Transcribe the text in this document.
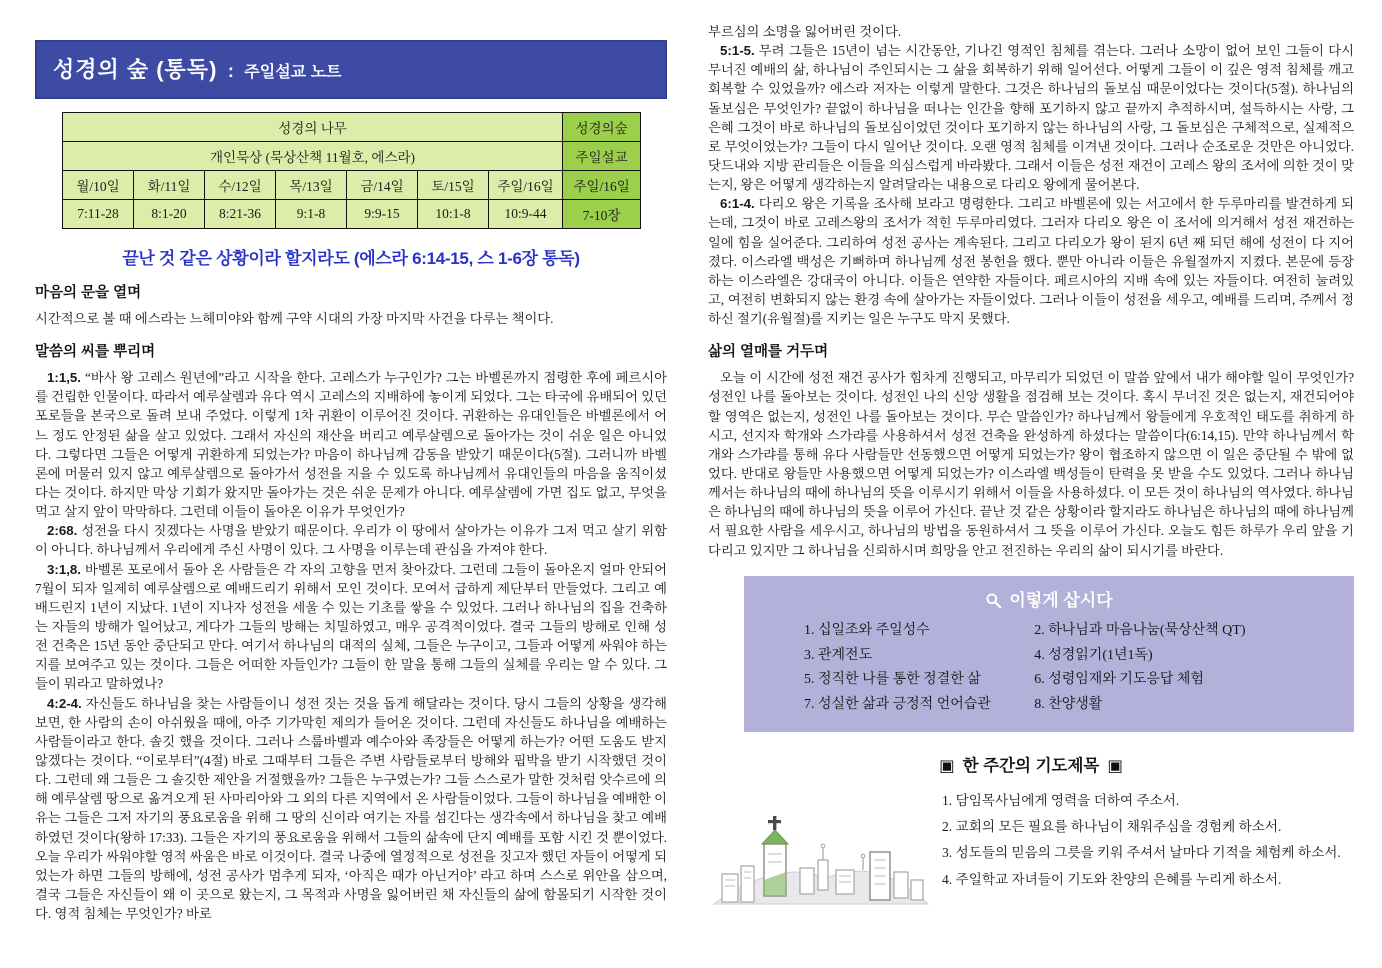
성경의 숲 (통독) : 주일설교 노트
성경의 나무							성경의숲
개인묵상 (묵상산책 11월호, 에스라)							주일설교
월/10일	화/11일	수/12일	목/13일	금/14일	토/15일	주일/16일	주일/16일
7:11-28	8:1-20	8:21-36	9:1-8	9:9-15	10:1-8	10:9-44	7-10장
끝난 것 같은 상황이라 할지라도 (에스라 6:14-15, 스 1-6장 통독)
마음의 문을 열며

시간적으로 볼 때 에스라는 느헤미야와 함께 구약 시대의 가장 마지막 사건을 다루는 책이다.

말씀의 씨를 뿌리며

1:1,5. “바사 왕 고레스 원년에”라고 시작을 한다. 고레스가 누구인가? 그는 바벨론까지 점령한 후에 페르시아를 건립한 인물이다. 따라서 예루살렘과 유다 역시 고레스의 지배하에 놓이게 되었다. 그는 타국에 유배되어 있던 포로들을 본국으로 돌려 보내 주었다. 이렇게 1차 귀환이 이루어진 것이다. 귀환하는 유대인들은 바벨론에서 어느 정도 안정된 삶을 살고 있었다. 그래서 자신의 재산을 버리고 예루살렘으로 돌아가는 것이 쉬운 일은 아니었다. 그렇다면 그들은 어떻게 귀환하게 되었는가? 마음이 하나님께 감동을 받았기 때문이다(5절). 그러니까 바벨론에 머물러 있지 않고 예루살렘으로 돌아가서 성전을 지을 수 있도록 하나님께서 유대인들의 마음을 움직이셨다는 것이다. 하지만 막상 기회가 왔지만 돌아가는 것은 쉬운 문제가 아니다. 예루살렘에 가면 집도 없고, 무엇을 먹고 살지 앞이 막막하다. 그런데 이들이 돌아온 이유가 무엇인가?

2:68. 성전을 다시 짓겠다는 사명을 받았기 때문이다. 우리가 이 땅에서 살아가는 이유가 그저 먹고 살기 위함이 아니다. 하나님께서 우리에게 주신 사명이 있다. 그 사명을 이루는데 관심을 가져야 한다.

3:1,8. 바벨론 포로에서 돌아 온 사람들은 각 자의 고향을 먼저 찾아갔다. 그런데 그들이 돌아온지 얼마 안되어 7월이 되자 일제히 예루살렘으로 예배드리기 위해서 모인 것이다. 모여서 급하게 제단부터 만들었다. 그리고 예배드린지 1년이 지났다. 1년이 지나자 성전을 세울 수 있는 기초를 쌓을 수 있었다. 그러나 하나님의 집을 건축하는 자들의 방해가 일어났고, 게다가 그들의 방해는 치밀하였고, 매우 공격적이었다. 결국 그들의 방해로 인해 성전 건축은 15년 동안 중단되고 만다. 여기서 하나님의 대적의 실체, 그들은 누구이고, 그들과 어떻게 싸워야 하는지를 보여주고 있는 것이다. 그들은 어떠한 자들인가? 그들이 한 말을 통해 그들의 실체를 우리는 알 수 있다. 그들이 뭐라고 말하였나?

4:2-4. 자신들도 하나님을 찾는 사람들이니 성전 짓는 것을 돕게 해달라는 것이다. 당시 그들의 상황을 생각해보면, 한 사람의 손이 아쉬웠을 때에, 아주 기가막힌 제의가 들어온 것이다. 그런데 자신들도 하나님을 예배하는 사람들이라고 한다. 솔깃 했을 것이다. 그러나 스룹바벨과 예수아와 족장들은 어떻게 하는가? 어떤 도움도 받지 않겠다는 것이다. “이로부터”(4절) 바로 그때부터 그들은 주변 사람들로부터 방해와 핍박을 받기 시작했던 것이다. 그런데 왜 그들은 그 솔깃한 제안을 거절했을까? 그들은 누구였는가? 그들 스스로가 말한 것처럼 앗수르에 의해 예루살렘 땅으로 옮겨오게 된 사마리아와 그 외의 다른 지역에서 온 사람들이었다. 그들이 하나님을 예배한 이유는 그들은 그저 자기의 풍요로움을 위해 그 땅의 신이라 여기는 자를 섬긴다는 생각속에서 하나님을 찾고 예배하였던 것이다(왕하 17:33). 그들은 자기의 풍요로움을 위해서 그들의 삶속에 단지 예배를 포함 시킨 것 뿐이었다. 오늘 우리가 싸워야할 영적 싸움은 바로 이것이다. 결국 나중에 열정적으로 성전을 짓고자 했던 자들이 어떻게 되었는가 하면 그들의 방해에, 성전 공사가 멈추게 되자, ‘아직은 때가 아닌거야’ 라고 하며 스스로 위안을 삼으며, 결국 그들은 자신들이 왜 이 곳으로 왔는지, 그 목적과 사명을 잃어버린 채 자신들의 삶에 함몰되기 시작한 것이다. 영적 침체는 무엇인가? 바로

부르심의 소명을 잃어버린 것이다.

5:1-5. 무려 그들은 15년이 넘는 시간동안, 기나긴 영적인 침체를 겪는다. 그러나 소망이 없어 보인 그들이 다시 무너진 예배의 삶, 하나님이 주인되시는 그 삶을 회복하기 위해 일어선다. 어떻게 그들이 이 깊은 영적 침체를 깨고 회복할 수 있었을까? 에스라 저자는 이렇게 말한다. 그것은 하나님의 돌보심 때문이었다는 것이다(5절). 하나님의 돌보심은 무엇인가? 끝없이 하나님을 떠나는 인간을 향해 포기하지 않고 끝까지 추적하시며, 설득하시는 사랑, 그 은혜 그것이 바로 하나님의 돌보심이었던 것이다 포기하지 않는 하나님의 사랑, 그 돌보심은 구체적으로, 실제적으로 무엇이었는가? 그들이 다시 일어난 것이다. 오랜 영적 침체를 이겨낸 것이다. 그러나 순조로운 것만은 아니었다. 닷드내와 지방 관리들은 이들을 의심스럽게 바라봤다. 그래서 이들은 성전 재건이 고레스 왕의 조서에 의한 것이 맞는지, 왕은 어떻게 생각하는지 알려달라는 내용으로 다리오 왕에게 물어본다.

6:1-4. 다리오 왕은 기록을 조사해 보라고 명령한다. 그리고 바벨론에 있는 서고에서 한 두루마리를 발견하게 되는데, 그것이 바로 고레스왕의 조서가 적힌 두루마리였다. 그러자 다리오 왕은 이 조서에 의거해서 성전 재건하는 일에 힘을 실어준다. 그리하여 성전 공사는 계속된다. 그리고 다리오가 왕이 된지 6년 째 되던 해에 성전이 다 지어졌다. 이스라엘 백성은 기뻐하며 하나님께 성전 봉헌을 했다. 뿐만 아니라 이들은 유월절까지 지켰다. 본문에 등장하는 이스라엘은 강대국이 아니다. 이들은 연약한 자들이다. 페르시아의 지배 속에 있는 자들이다. 여전히 눌려있고, 여전히 변화되지 않는 환경 속에 살아가는 자들이었다. 그러나 이들이 성전을 세우고, 예배를 드리며, 주께서 정하신 절기(유월절)를 지키는 일은 누구도 막지 못했다.

삶의 열매를 거두며

오늘 이 시간에 성전 재건 공사가 힘차게 진행되고, 마무리가 되었던 이 말씀 앞에서 내가 해야할 일이 무엇인가? 성전인 나를 돌아보는 것이다. 성전인 나의 신앙 생활을 점검해 보는 것이다. 혹시 무너진 것은 없는지, 재건되어야할 영역은 없는지, 성전인 나를 돌아보는 것이다. 무슨 말씀인가? 하나님께서 왕들에게 우호적인 태도를 취하게 하시고, 선지자 학개와 스가랴를 사용하셔서 성전 건축을 완성하게 하셨다는 말씀이다(6:14,15). 만약 하나님께서 학개와 스가랴를 통해 유다 사람들만 선동했으면 어떻게 되었는가? 왕이 협조하지 않으면 이 일은 중단될 수 밖에 없었다. 반대로 왕들만 사용했으면 어떻게 되었는가? 이스라엘 백성들이 탄력을 못 받을 수도 있었다. 그러나 하나님께서는 하나님의 때에 하나님의 뜻을 이루시기 위해서 이들을 사용하셨다. 이 모든 것이 하나님의 역사였다. 하나님은 하나님의 때에 하나님의 뜻을 이루어 가신다. 끝난 것 같은 상황이라 할지라도 하나님은 하나님의 때에 하나님께서 필요한 사람을 세우시고, 하나님의 방법을 동원하셔서 그 뜻을 이루어 가신다. 오늘도 힘든 하루가 우리 앞을 기다리고 있지만 그 하나님을 신뢰하시며 희망을 안고 전진하는 우리의 삶이 되시기를 바란다.

이렇게 삽시다
1. 십일조와 주일성수	2. 하나님과 마음나눔(묵상산책 QT)
3. 관계전도	4. 성경읽기(1년1독)
5. 정직한 나를 통한 정결한 삶	6. 성령임재와 기도응답 체험
7. 성실한 삶과 긍정적 언어습관	8. 찬양생활
▣ 한 주간의 기도제목 ▣
1. 담임목사님에게 영력을 더하여 주소서.
2. 교회의 모든 필요를 하나님이 채워주심을 경험케 하소서.
3. 성도들의 믿음의 그릇을 키워 주셔서 날마다 기적을 체험케 하소서.
4. 주일학교 자녀들이 기도와 찬양의 은혜를 누리게 하소서.
